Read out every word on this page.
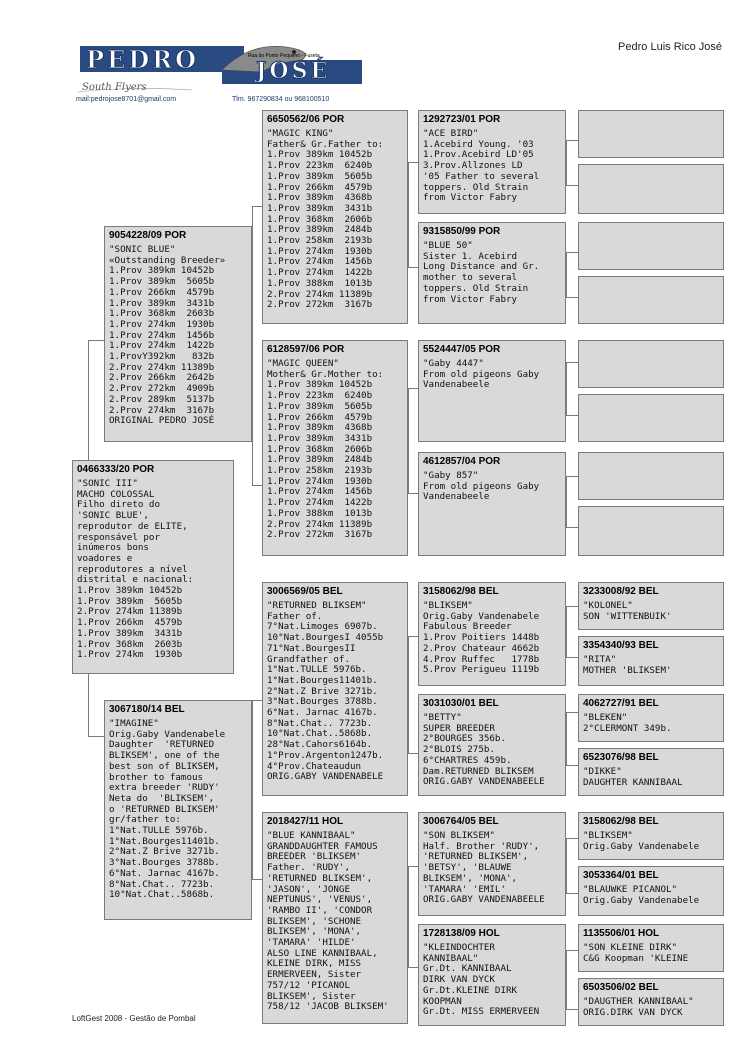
PEDRO	JOSÉ
Rua do Ponto Pequeno - Fuseta
South Flyers
mail:pedrojose8701@gmail.com	Tlm. 967290834 ou 968100510
Pedro Luis Rico José
0466333/20 POR
"SONIC III"
MACHO COLOSSAL
Filho direto do
'SONIC BLUE',
reprodutor de ELITE,
responsável por
inúmeros bons
voadores e
reprodutores a nível
distrital e nacional:
1.Prov 389km 10452b
1.Prov 389km  5605b
2.Prov 274km 11389b
1.Prov 266km  4579b
1.Prov 389km  3431b
1.Prov 368km  2603b
1.Prov 274km  1930b
9054228/09 POR
"SONIC BLUE"
«Outstanding Breeder»
1.Prov 389km 10452b
1.Prov 389km  5605b
1.Prov 266km  4579b
1.Prov 389km  3431b
1.Prov 368km  2603b
1.Prov 274km  1930b
1.Prov 274km  1456b
1.Prov 274km  1422b
1.ProvY392km   832b
2.Prov 274km 11389b
2.Prov 266km  2642b
2.Prov 272km  4909b
2.Prov 289km  5137b
2.Prov 274km  3167b
ORIGINAL PEDRO JOSÉ
3067180/14 BEL
"IMAGINE"
Orig.Gaby Vandenabele
Daughter  'RETURNED
BLIKSEM', one of the
best son of BLIKSEM,
brother to famous
extra breeder 'RUDY'
Neta do  'BLIKSEM',
o 'RETURNED BLIKSEM'
gr/father to:
1°Nat.TULLE 5976b.
1°Nat.Bourges11401b.
2°Nat.Z Brive 3271b.
3°Nat.Bourges 3788b.
6°Nat. Jarnac 4167b.
8°Nat.Chat.. 7723b.
10°Nat.Chat..5868b.
6650562/06 POR
"MAGIC KING"
Father& Gr.Father to:
1.Prov 389km 10452b
1.Prov 223km  6240b
1.Prov 389km  5605b
1.Prov 266km  4579b
1.Prov 389km  4368b
1.Prov 389km  3431b
1.Prov 368km  2606b
1.Prov 389km  2484b
1.Prov 258km  2193b
1.Prov 274km  1930b
1.Prov 274km  1456b
1.Prov 274km  1422b
1.Prov 388km  1013b
2.Prov 274km 11389b
2.Prov 272km  3167b
6128597/06 POR
"MAGIC QUEEN"
Mother& Gr.Mother to:
1.Prov 389km 10452b
1.Prov 223km  6240b
1.Prov 389km  5605b
1.Prov 266km  4579b
1.Prov 389km  4368b
1.Prov 389km  3431b
1.Prov 368km  2606b
1.Prov 389km  2484b
1.Prov 258km  2193b
1.Prov 274km  1930b
1.Prov 274km  1456b
1.Prov 274km  1422b
1.Prov 388km  1013b
2.Prov 274km 11389b
2.Prov 272km  3167b
3006569/05 BEL
"RETURNED BLIKSEM"
Father of.
7°Nat.Limoges 6907b.
10°Nat.BourgesI 4055b
71°Nat.BourgesII
Grandfather of.
1°Nat.TULLE 5976b.
1°Nat.Bourges11401b.
2°Nat.Z Brive 3271b.
3°Nat.Bourges 3788b.
6°Nat. Jarnac 4167b.
8°Nat.Chat.. 7723b.
10°Nat.Chat..5868b.
28°Nat.Cahors6164b.
1°Prov.Argenton1247b.
4°Prov.Chateaudun
ORIG.GABY VANDENABELE
2018427/11 HOL
"BLUE KANNIBAAL"
GRANDDAUGHTER FAMOUS
BREEDER 'BLIKSEM'
Father. 'RUDY',
'RETURNED BLIKSEM',
'JASON', 'JONGE
NEPTUNUS', 'VENUS',
'RAMBO II', 'CONDOR
BLIKSEM', 'SCHONE
BLIKSEM', 'MONA',
'TAMARA' 'HILDE'
ALSO LINE KANNIBAAL,
KLEINE DIRK, MISS
ERMERVEEN, Sister
757/12 'PICANOL
BLIKSEM', Sister
758/12 'JACOB BLIKSEM'
1292723/01 POR
"ACE BIRD"
1.Acebird Young. '03
1.Prov.Acebird LD'05
3.Prov.Allzones LD
'05 Father to several
toppers. Old Strain
from Victor Fabry
9315850/99 POR
"BLUE 50"
Sister 1. Acebird
Long Distance and Gr.
mother to several
toppers. Old Strain
from Victor Fabry
5524447/05 POR
"Gaby 4447"
From old pigeons Gaby
Vandenabeele
4612857/04 POR
"Gaby 857"
From old pigeons Gaby
Vandenabeele
3158062/98 BEL
"BLIKSEM"
Orig.Gaby Vandenabele
Fabulous Breeder
1.Prov Poitiers 1448b
2.Prov Chateaur 4662b
4.Prov Ruffec   1778b
5.Prov Perigueu 1119b
3031030/01 BEL
"BETTY"
SUPER BREEDER
2°BOURGES 356b.
2°BLOIS 275b.
6°CHARTRES 459b.
Dam.RETURNED BLIKSEM
ORIG.GABY VANDENABEELE
3006764/05 BEL
"SON BLIKSEM"
Half. Brother 'RUDY',
'RETURNED BLIKSEM',
'BETSY', 'BLAUWE
BLIKSEM', 'MONA',
'TAMARA' 'EMIL'
ORIG.GABY VANDENABEELE
1728138/09 HOL
"KLEINDOCHTER
KANNIBAAL"
Gr.Dt. KANNIBAAL
DIRK VAN DYCK
Gr.Dt.KLEINE DIRK
KOOPMAN
Gr.Dt. MISS ERMERVEEN
3233008/92 BEL
"KOLONEL"
SON 'WITTENBUIK'
3354340/93 BEL
"RITA"
MOTHER 'BLIKSEM'
4062727/91 BEL
"BLEKEN"
2°CLERMONT 349b.
6523076/98 BEL
"DIKKE"
DAUGHTER KANNIBAAL
3158062/98 BEL
"BLIKSEM"
Orig.Gaby Vandenabele
3053364/01 BEL
"BLAUWKE PICANOL"
Orig.Gaby Vandenabele
1135506/01 HOL
"SON KLEINE DIRK"
C&G Koopman 'KLEINE
6503506/02 BEL
"DAUGTHER KANNIBAAL"
ORIG.DIRK VAN DYCK
LoftGest 2008 - Gestão de Pombal
